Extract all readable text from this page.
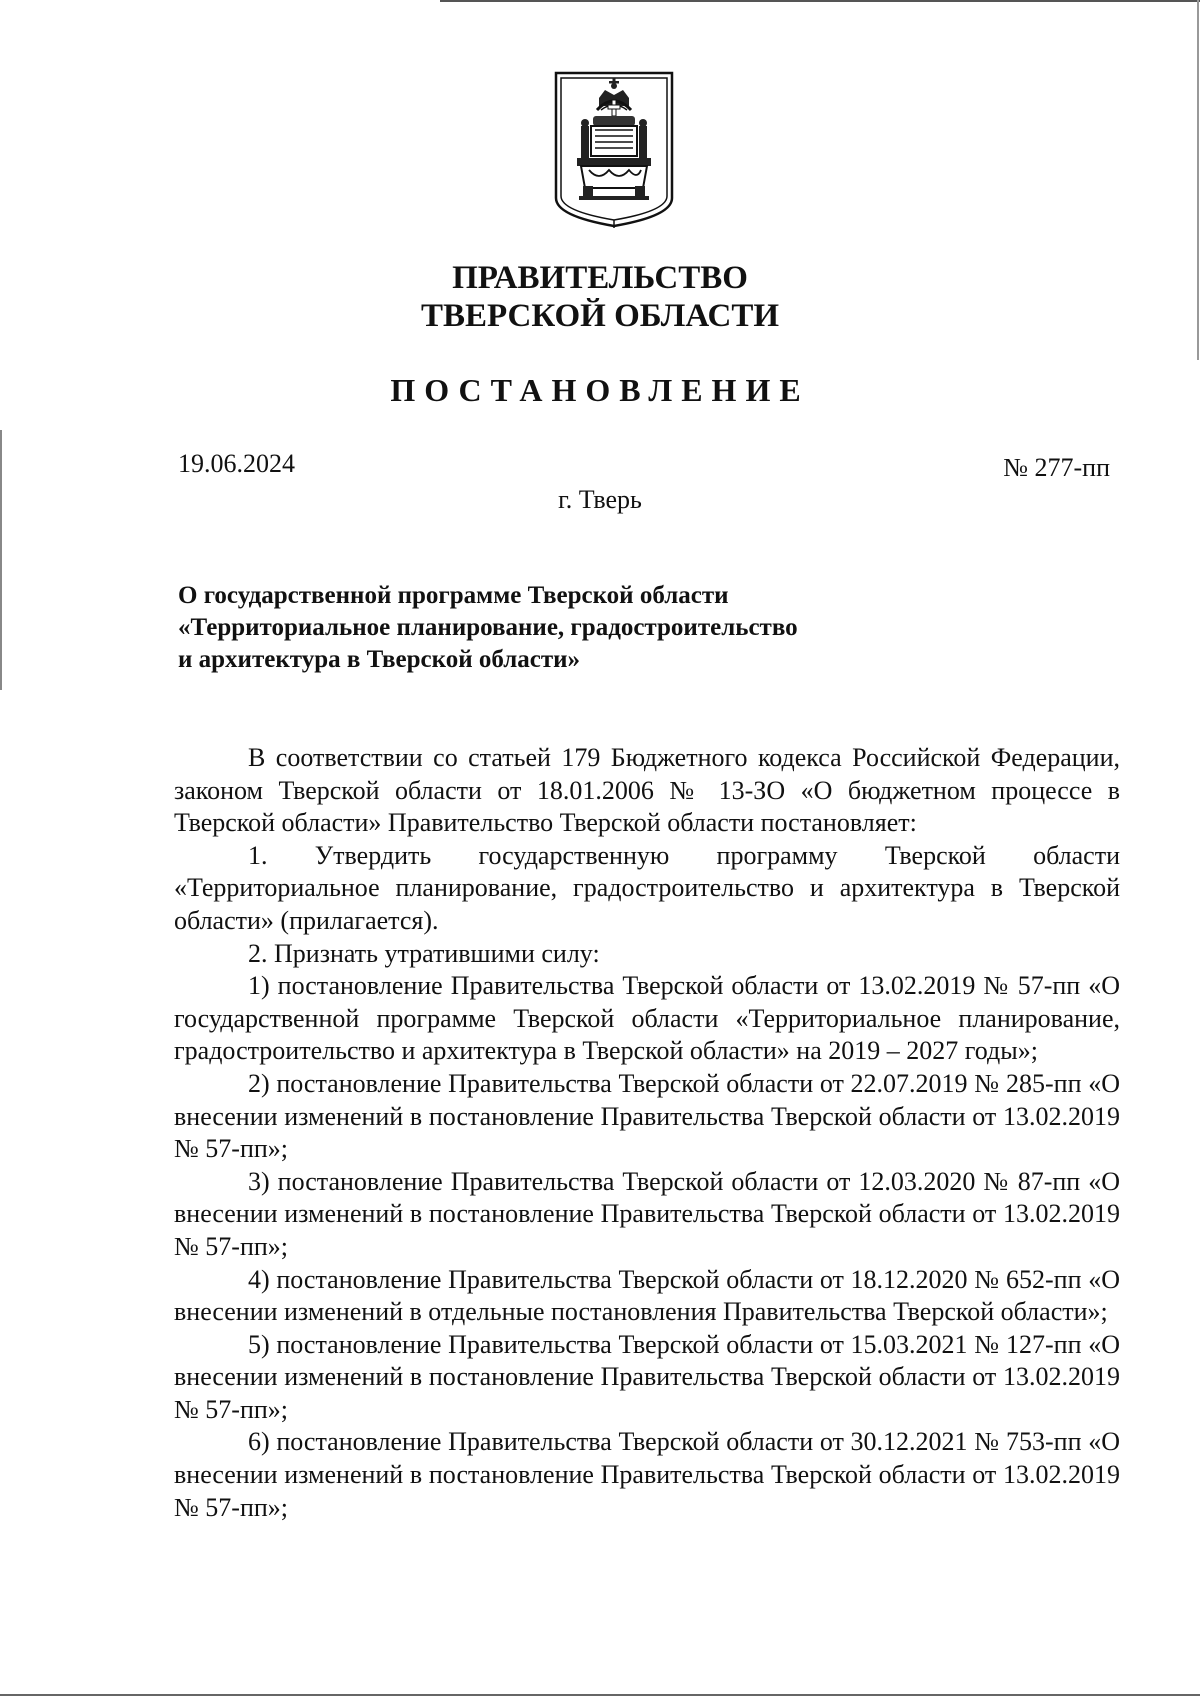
ПРАВИТЕЛЬСТВО
ТВЕРСКОЙ ОБЛАСТИ
ПОСТАНОВЛЕНИЕ
19.06.2024	№ 277-пп
г. Тверь
О государственной программе Тверской области
«Территориальное планирование, градостроительство
и архитектура в Тверской области»

В соответствии со статьей 179 Бюджетного кодекса Российской Федерации, законом Тверской области от 18.01.2006 № 13-ЗО «О бюджетном процессе в Тверской области» Правительство Тверской области постановляет:

1. Утвердить государственную программу Тверской области «Территориальное планирование, градостроительство и архитектура в Тверской области» (прилагается).

2. Признать утратившими силу:

1) постановление Правительства Тверской области от 13.02.2019 № 57-пп «О государственной программе Тверской области «Территориальное планирование, градостроительство и архитектура в Тверской области» на 2019 – 2027 годы»;

2) постановление Правительства Тверской области от 22.07.2019 № 285-пп «О внесении изменений в постановление Правительства Тверской области от 13.02.2019 № 57-пп»;

3) постановление Правительства Тверской области от 12.03.2020 № 87-пп «О внесении изменений в постановление Правительства Тверской области от 13.02.2019 № 57-пп»;

4) постановление Правительства Тверской области от 18.12.2020 № 652-пп «О внесении изменений в отдельные постановления Правительства Тверской области»;

5) постановление Правительства Тверской области от 15.03.2021 № 127-пп «О внесении изменений в постановление Правительства Тверской области от 13.02.2019 № 57-пп»;

6) постановление Правительства Тверской области от 30.12.2021 № 753-пп «О внесении изменений в постановление Правительства Тверской области от 13.02.2019 № 57-пп»;
